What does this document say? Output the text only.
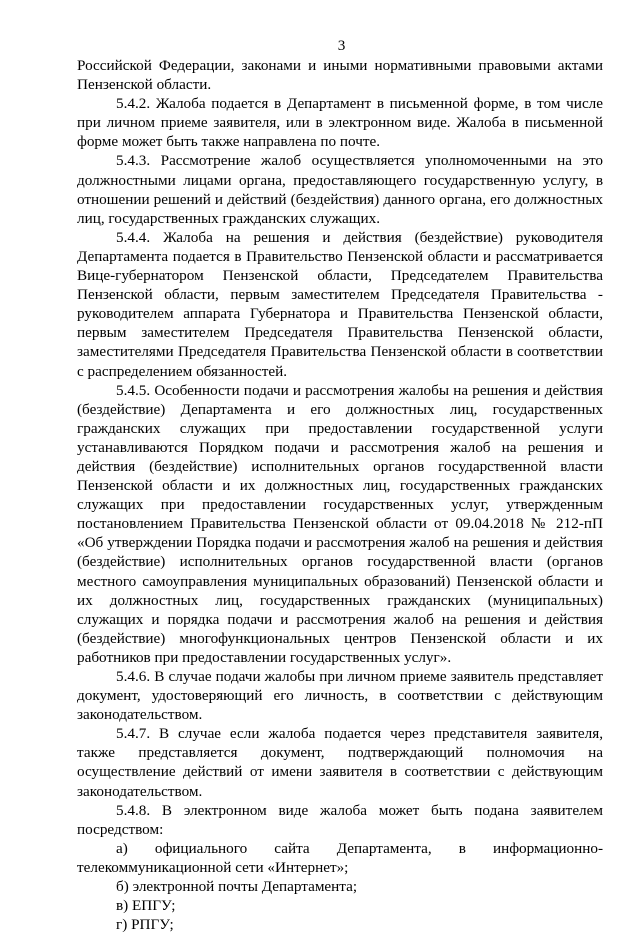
3

Российской Федерации, законами и иными нормативными правовыми актами Пензенской области.

5.4.2. Жалоба подается в Департамент в письменной форме, в том числе при личном приеме заявителя, или в электронном виде. Жалоба в письменной форме может быть также направлена по почте.

5.4.3. Рассмотрение жалоб осуществляется уполномоченными на это должностными лицами органа, предоставляющего государственную услугу, в отношении решений и действий (бездействия) данного органа, его должностных лиц, государственных гражданских служащих.

5.4.4. Жалоба на решения и действия (бездействие) руководителя Департамента подается в Правительство Пензенской области и рассматривается Вице-губернатором Пензенской области, Председателем Правительства Пензенской области, первым заместителем Председателя Правительства - руководителем аппарата Губернатора и Правительства Пензенской области, первым заместителем Председателя Правительства Пензенской области, заместителями Председателя Правительства Пензенской области в соответствии с распределением обязанностей.

5.4.5. Особенности подачи и рассмотрения жалобы на решения и действия (бездействие) Департамента и его должностных лиц, государственных гражданских служащих при предоставлении государственной услуги устанавливаются Порядком подачи и рассмотрения жалоб на решения и действия (бездействие) исполнительных органов государственной власти Пензенской области и их должностных лиц, государственных гражданских служащих при предоставлении государственных услуг, утвержденным постановлением Правительства Пензенской области от 09.04.2018 № 212-пП «Об утверждении Порядка подачи и рассмотрения жалоб на решения и действия (бездействие) исполнительных органов государственной власти (органов местного самоуправления муниципальных образований) Пензенской области и их должностных лиц, государственных гражданских (муниципальных) служащих и порядка подачи и рассмотрения жалоб на решения и действия (бездействие) многофункциональных центров Пензенской области и их работников при предоставлении государственных услуг».

5.4.6. В случае подачи жалобы при личном приеме заявитель представляет документ, удостоверяющий его личность, в соответствии с действующим законодательством.

5.4.7. В случае если жалоба подается через представителя заявителя, также представляется документ, подтверждающий полномочия на осуществление действий от имени заявителя в соответствии с действующим законодательством.

5.4.8. В электронном виде жалоба может быть подана заявителем посредством:

а) официального сайта Департамента, в информационно-телекоммуникационной сети «Интернет»;

б) электронной почты Департамента;

в) ЕПГУ;

г) РПГУ;
